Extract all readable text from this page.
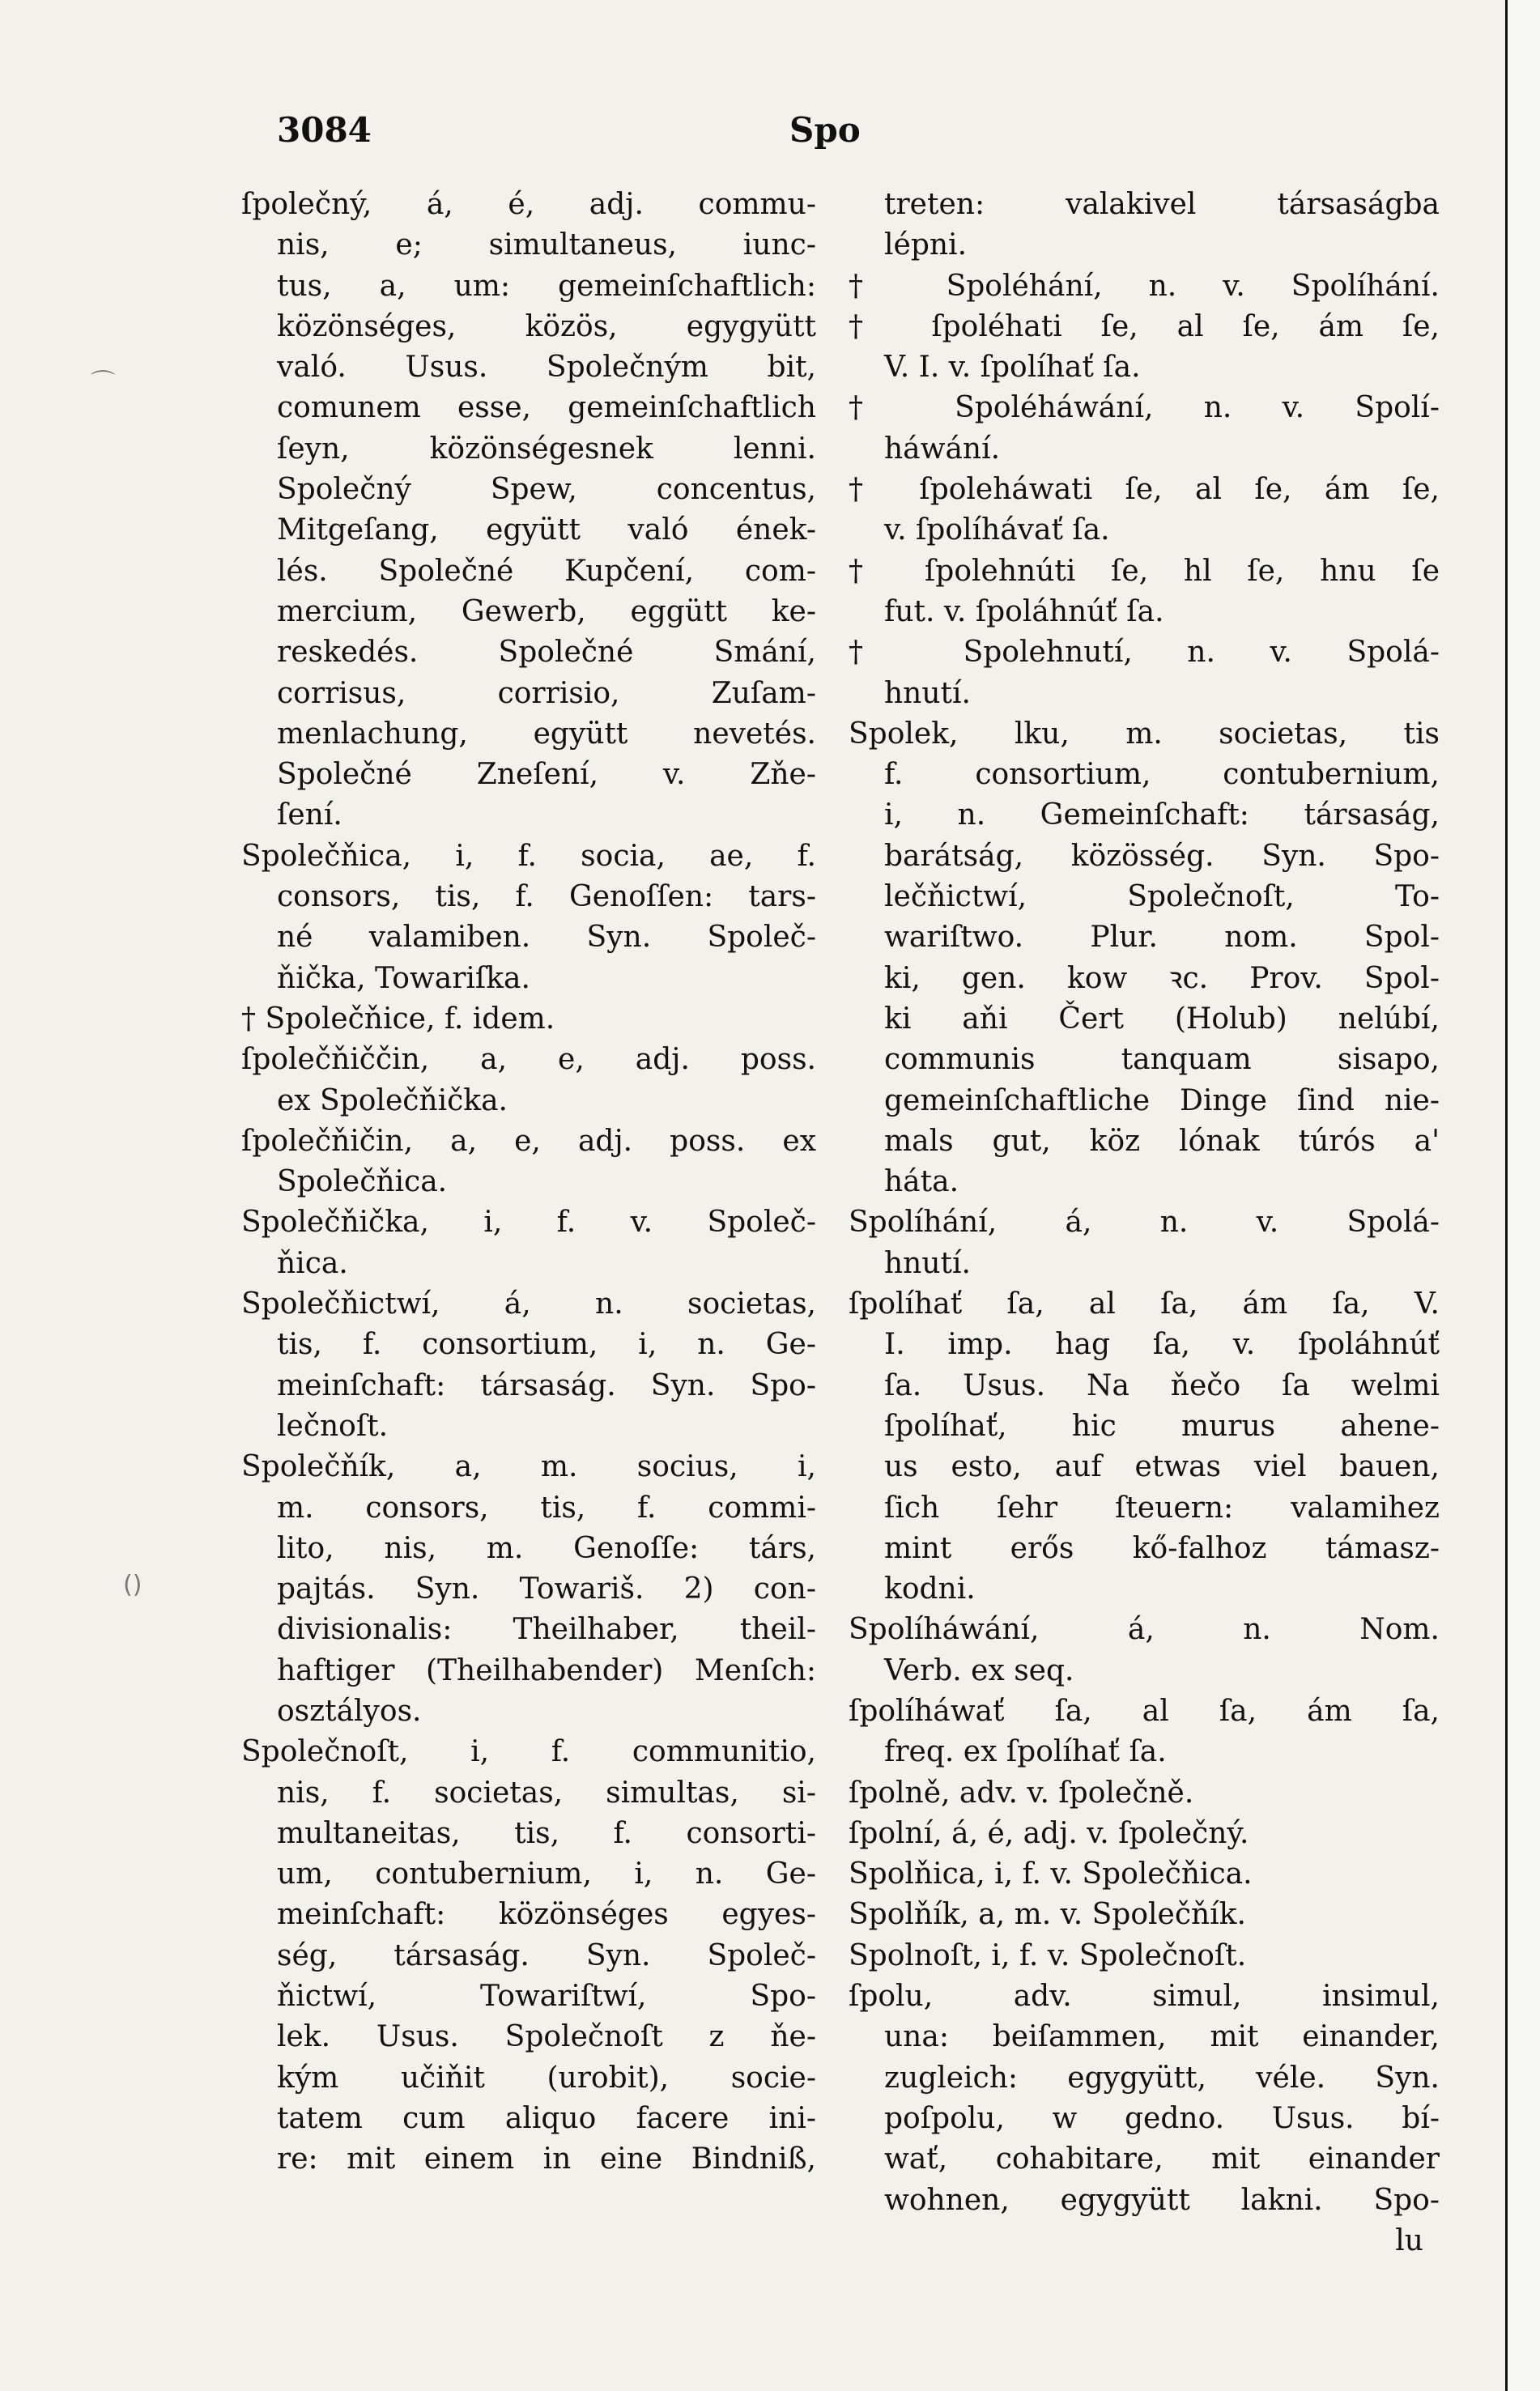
3084	Spo
ſpolečný, á, é, adj. commu-
nis, e; simultaneus, iunc-
tus, a, um: gemeinſchaftlich:
közönséges, közös, egygyütt
való. Usus. Společným bit,
comunem esse, gemeinſchaftlich
ſeyn, közönségesnek lenni.
Společný Spew, concentus,
Mitgeſang, együtt való ének-
lés. Společné Kupčení, com-
mercium, Gewerb, eggütt ke-
reskedés. Společné Smání,
corrisus, corrisio, Zuſam-
menlachung, együtt nevetés.
Společné Zneſení, v. Zňe-
ſení.
Společňica, i, f. socia, ae, f.
consors, tis, f. Genoſſen: tars-
né valamiben. Syn. Společ-
ňička, Towariſka.
† Společňice, f. idem.
ſpolečňiččin, a, e, adj. poss.
ex Společňička.
ſpolečňičin, a, e, adj. poss. ex
Společňica.
Společňička, i, f. v. Společ-
ňica.
Společňictwí, á, n. societas,
tis, f. consortium, i, n. Ge-
meinſchaft: társaság. Syn. Spo-
lečnoſt.
Společňík, a, m. socius, i,
m. consors, tis, f. commi-
lito, nis, m. Genoſſe: társ,
pajtás. Syn. Towariš. 2) con-
divisionalis: Theilhaber, theil-
haftiger (Theilhabender) Menſch:
osztályos.
Společnoſt, i, f. communitio,
nis, f. societas, simultas, si-
multaneitas, tis, f. consorti-
um, contubernium, i, n. Ge-
meinſchaft: közönséges egyes-
ség, társaság. Syn. Společ-
ňictwí, Towariſtwí, Spo-
lek. Usus. Společnoſt z ňe-
kým učiňit (urobit), socie-
tatem cum aliquo facere ini-
re: mit einem in eine Bindniß,
treten: valakivel társaságba
lépni.
† Spoléhání, n. v. Spolíhání.
† ſpoléhati ſe, al ſe, ám ſe,
V. I. v. ſpolíhať ſa.
† Spoléháwání, n. v. Spolí-
háwání.
† ſpoleháwati ſe, al ſe, ám ſe,
v. ſpolíhávať ſa.
† ſpolehnúti ſe, hl ſe, hnu ſe
fut. v. ſpoláhnúť ſa.
† Spolehnutí, n. v. Spolá-
hnutí.
Spolek, lku, m. societas, tis
f. consortium, contubernium,
i, n. Gemeinſchaft: társaság,
barátság, közösség. Syn. Spo-
lečňictwí, Společnoſt, To-
wariſtwo. Plur. nom. Spol-
ki, gen. kow ꝛc. Prov. Spol-
ki aňi Čert (Holub) nelúbí,
communis tanquam sisapo,
gemeinſchaftliche Dinge ſind nie-
mals gut, köz lónak túrós a'
háta.
Spolíhání, á, n. v. Spolá-
hnutí.
ſpolíhať ſa, al ſa, ám ſa, V.
I. imp. hag ſa, v. ſpoláhnúť
ſa. Usus. Na ňečo ſa welmi
ſpolíhať, hic murus ahene-
us esto, auf etwas viel bauen,
ſich ſehr ſteuern: valamihez
mint erős kő-falhoz támasz-
kodni.
Spolíháwání, á, n. Nom.
Verb. ex seq.
ſpolíháwať ſa, al ſa, ám ſa,
freq. ex ſpolíhať ſa.
ſpolně, adv. v. ſpolečně.
ſpolní, á, é, adj. v. ſpolečný.
Spolňica, i, f. v. Společňica.
Spolňík, a, m. v. Společňík.
Spolnoſt, i, f. v. Společnoſt.
ſpolu, adv. simul, insimul,
una: beiſammen, mit einander,
zugleich: egygyütt, véle. Syn.
poſpolu, w gedno. Usus. bí-
wať, cohabitare, mit einander
wohnen, egygyütt lakni. Spo-
lu
⌒
()
